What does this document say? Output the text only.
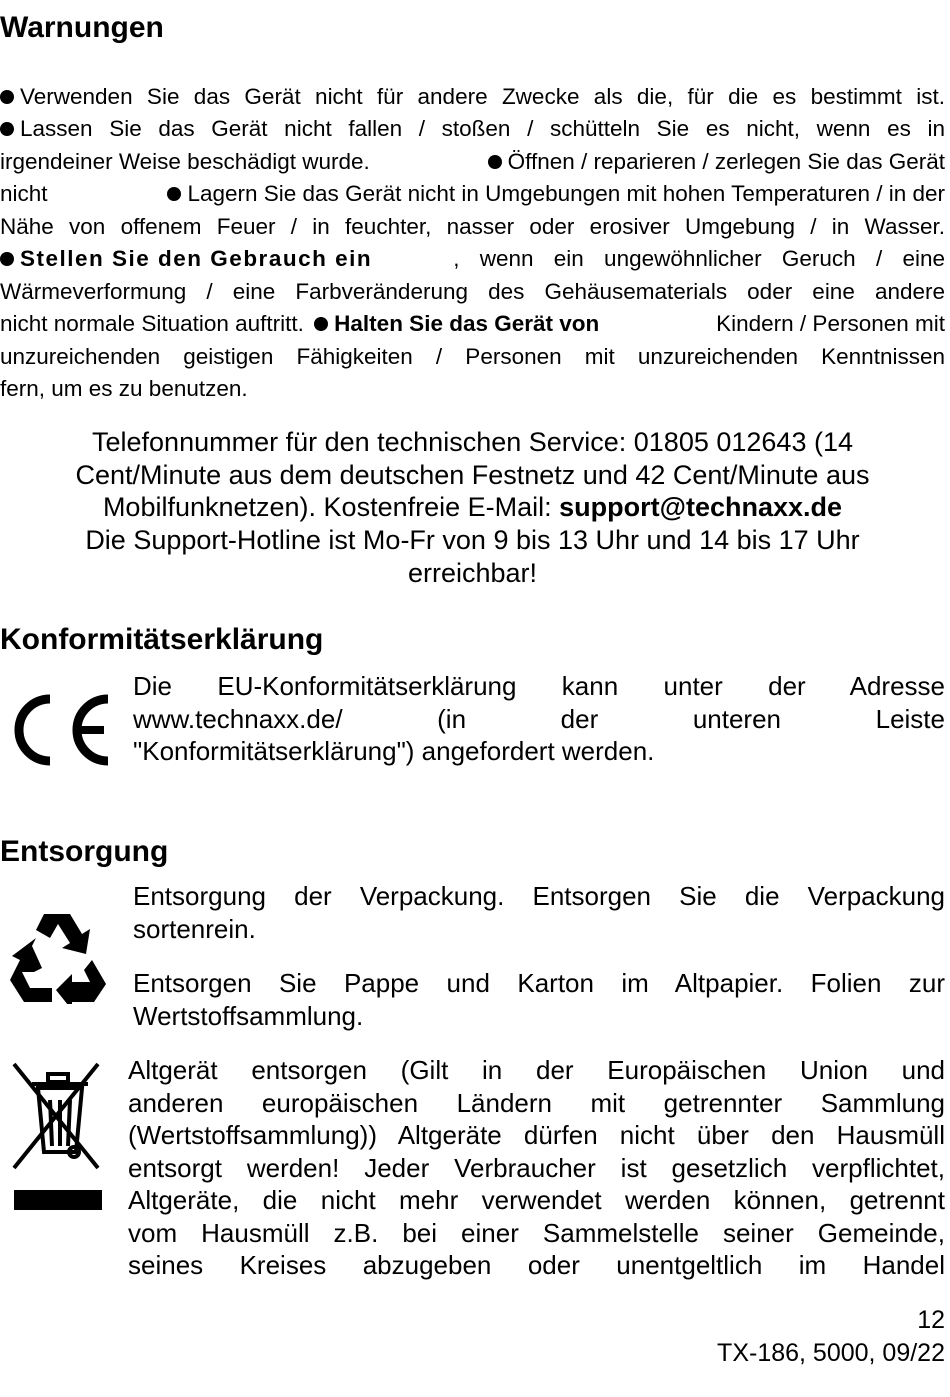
Warnungen
Verwenden Sie das Gerät nicht für andere Zwecke als die, für die es bestimmt ist.
Lassen Sie das Gerät nicht fallen / stoßen / schütteln Sie es nicht, wenn es in
irgendeiner Weise beschädigt wurde.	Öffnen / reparieren / zerlegen Sie das Gerät
nicht	Lagern Sie das Gerät nicht in Umgebungen mit hohen Temperaturen / in der
Nähe von offenem Feuer / in feuchter, nasser oder erosiver Umgebung / in Wasser.
Stellen Sie den Gebrauch ein	, wenn ein ungewöhnlicher Geruch / eine
Wärmeverformung / eine Farbveränderung des Gehäusematerials oder eine andere
nicht normale Situation auftritt. Halten Sie das Gerät von	Kindern / Personen mit
unzureichenden geistigen Fähigkeiten / Personen mit unzureichenden Kenntnissen
fern, um es zu benutzen.
Telefonnummer für den technischen Service: 01805 012643 (14
Cent/Minute aus dem deutschen Festnetz und 42 Cent/Minute aus
Mobilfunknetzen). Kostenfreie E-Mail: support@technaxx.de
Die Support-Hotline ist Mo-Fr von 9 bis 13 Uhr und 14 bis 17 Uhr
erreichbar!
Konformitätserklärung
Die EU-Konformitätserklärung kann unter der Adresse
www.technaxx.de/ (in der unteren Leiste
"Konformitätserklärung") angefordert werden.
Entsorgung
Entsorgung der Verpackung. Entsorgen Sie die Verpackung
sortenrein.
Entsorgen Sie Pappe und Karton im Altpapier. Folien zur
Wertstoffsammlung.
Altgerät entsorgen (Gilt in der Europäischen Union und
anderen europäischen Ländern mit getrennter Sammlung
(Wertstoffsammlung)) Altgeräte dürfen nicht über den Hausmüll
entsorgt werden! Jeder Verbraucher ist gesetzlich verpflichtet,
Altgeräte, die nicht mehr verwendet werden können, getrennt
vom Hausmüll z.B. bei einer Sammelstelle seiner Gemeinde,
seines Kreises abzugeben oder unentgeltlich im Handel
12
TX-186, 5000, 09/22
